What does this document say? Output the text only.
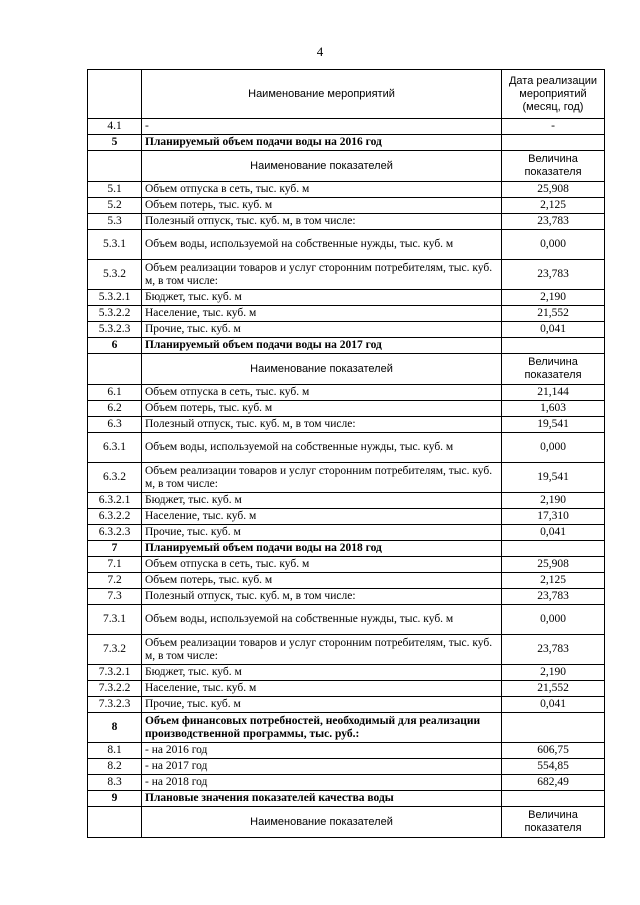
4
	Наименование мероприятий	Дата реализации мероприятий (месяц, год)
4.1	-	-
5	Планируемый объем подачи воды на 2016 год	
	Наименование показателей	Величина показателя
5.1	Объем отпуска в сеть, тыс. куб. м	25,908
5.2	Объем потерь, тыс. куб. м	2,125
5.3	Полезный отпуск, тыс. куб. м, в том числе:	23,783
5.3.1	Объем воды, используемой на собственные нужды, тыс. куб. м	0,000
5.3.2	Объем реализации товаров и услуг сторонним потребителям, тыс. куб. м, в том числе:	23,783
5.3.2.1	Бюджет, тыс. куб. м	2,190
5.3.2.2	Население, тыс. куб. м	21,552
5.3.2.3	Прочие, тыс. куб. м	0,041
6	Планируемый объем подачи воды на 2017 год	
	Наименование показателей	Величина показателя
6.1	Объем отпуска в сеть, тыс. куб. м	21,144
6.2	Объем потерь, тыс. куб. м	1,603
6.3	Полезный отпуск, тыс. куб. м, в том числе:	19,541
6.3.1	Объем воды, используемой на собственные нужды, тыс. куб. м	0,000
6.3.2	Объем реализации товаров и услуг сторонним потребителям, тыс. куб. м, в том числе:	19,541
6.3.2.1	Бюджет, тыс. куб. м	2,190
6.3.2.2	Население, тыс. куб. м	17,310
6.3.2.3	Прочие, тыс. куб. м	0,041
7	Планируемый объем подачи воды на 2018 год	
7.1	Объем отпуска в сеть, тыс. куб. м	25,908
7.2	Объем потерь, тыс. куб. м	2,125
7.3	Полезный отпуск, тыс. куб. м, в том числе:	23,783
7.3.1	Объем воды, используемой на собственные нужды, тыс. куб. м	0,000
7.3.2	Объем реализации товаров и услуг сторонним потребителям, тыс. куб. м, в том числе:	23,783
7.3.2.1	Бюджет, тыс. куб. м	2,190
7.3.2.2	Население, тыс. куб. м	21,552
7.3.2.3	Прочие, тыс. куб. м	0,041
8	Объем финансовых потребностей, необходимый для реализации производственной программы, тыс. руб.:	
8.1	- на 2016 год	606,75
8.2	- на 2017 год	554,85
8.3	- на 2018 год	682,49
9	Плановые значения показателей качества воды	
	Наименование показателей	Величина показателя
